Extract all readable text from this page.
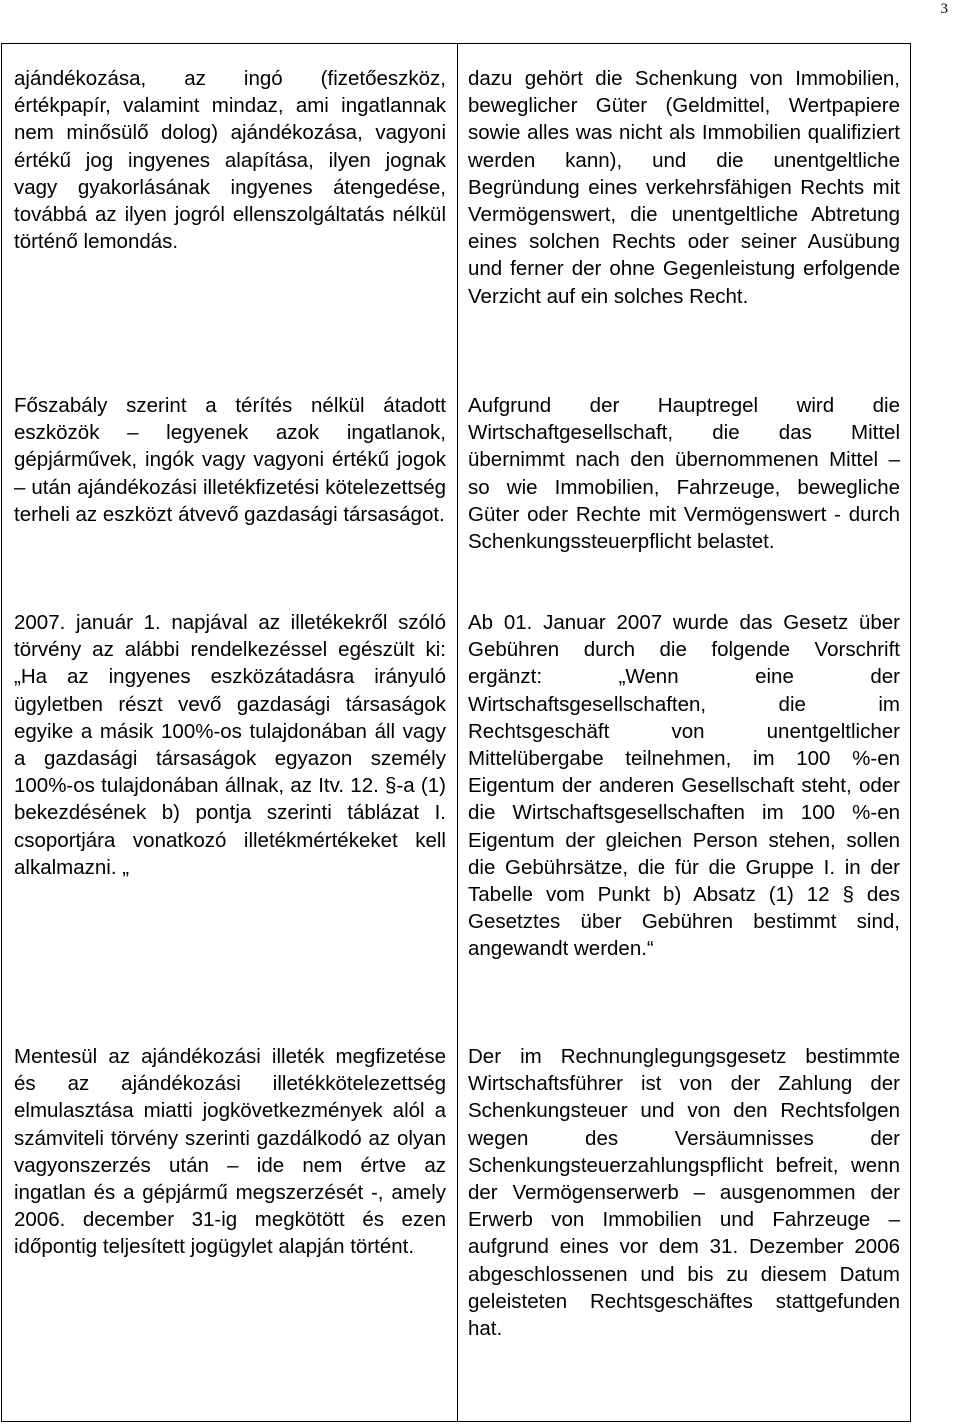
3

ajándékozása, az ingó (fizetőeszköz, értékpapír, valamint mindaz, ami ingatlannak nem minősülő dolog) ajándékozása, vagyoni értékű jog ingyenes alapítása, ilyen jognak vagy gyakorlásának ingyenes átengedése, továbbá az ilyen jogról ellenszolgáltatás nélkül történő lemondás.

Főszabály szerint a térítés nélkül átadott eszközök ‒ legyenek azok ingatlanok, gépjárművek, ingók vagy vagyoni értékű jogok ‒ után ajándékozási illetékfizetési kötelezettség terheli az eszközt átvevő gazdasági társaságot.

2007. január 1. napjával az illetékekről szóló törvény az alábbi rendelkezéssel egészült ki: „Ha az ingyenes eszközátadásra irányuló ügyletben részt vevő gazdasági társaságok egyike a másik 100%-os tulajdonában áll vagy a gazdasági társaságok egyazon személy 100%-os tulajdonában állnak, az Itv. 12. §-a (1) bekezdésének b) pontja szerinti táblázat I. csoportjára vonatkozó illetékmértékeket kell alkalmazni. „

Mentesül az ajándékozási illeték megfizetése és az ajándékozási illetékkötelezettség elmulasztása miatti jogkövetkezmények alól a számviteli törvény szerinti gazdálkodó az olyan vagyonszerzés után ‒ ide nem értve az ingatlan és a gépjármű megszerzését -, amely 2006. december 31-ig megkötött és ezen időpontig teljesített jogügylet alapján történt.

dazu gehört die Schenkung von Immobilien, beweglicher Güter (Geldmittel, Wertpapiere sowie alles was nicht als Immobilien qualifiziert werden kann), und die unentgeltliche Begründung eines verkehrsfähigen Rechts mit Vermögenswert, die unentgeltliche Abtretung eines solchen Rechts oder seiner Ausübung und ferner der ohne Gegenleistung erfolgende Verzicht auf ein solches Recht.

Aufgrund der Hauptregel wird die Wirtschaftgesellschaft, die das Mittel übernimmt nach den übernommenen Mittel ‒ so wie Immobilien, Fahrzeuge, bewegliche Güter oder Rechte mit Vermögenswert - durch Schenkungssteuerpflicht belastet.

Ab 01. Januar 2007 wurde das Gesetz über Gebühren durch die folgende Vorschrift ergänzt: „Wenn eine der Wirtschaftsgesellschaften, die im Rechtsgeschäft von unentgeltlicher Mittelübergabe teilnehmen, im 100 %-en Eigentum der anderen Gesellschaft steht, oder die Wirtschaftsgesellschaften im 100 %-en Eigentum der gleichen Person stehen, sollen die Gebührsätze, die für die Gruppe I. in der Tabelle vom Punkt b) Absatz (1) 12 § des Gesetztes über Gebühren bestimmt sind, angewandt werden.“

Der im Rechnunglegungsgesetz bestimmte Wirtschaftsführer ist von der Zahlung der Schenkungsteuer und von den Rechtsfolgen wegen des Versäumnisses der Schenkungsteuerzahlungspflicht befreit, wenn der Vermögenserwerb ‒ ausgenommen der Erwerb von Immobilien und Fahrzeuge ‒ aufgrund eines vor dem 31. Dezember 2006 abgeschlossenen und bis zu diesem Datum geleisteten Rechtsgeschäftes stattgefunden hat.
